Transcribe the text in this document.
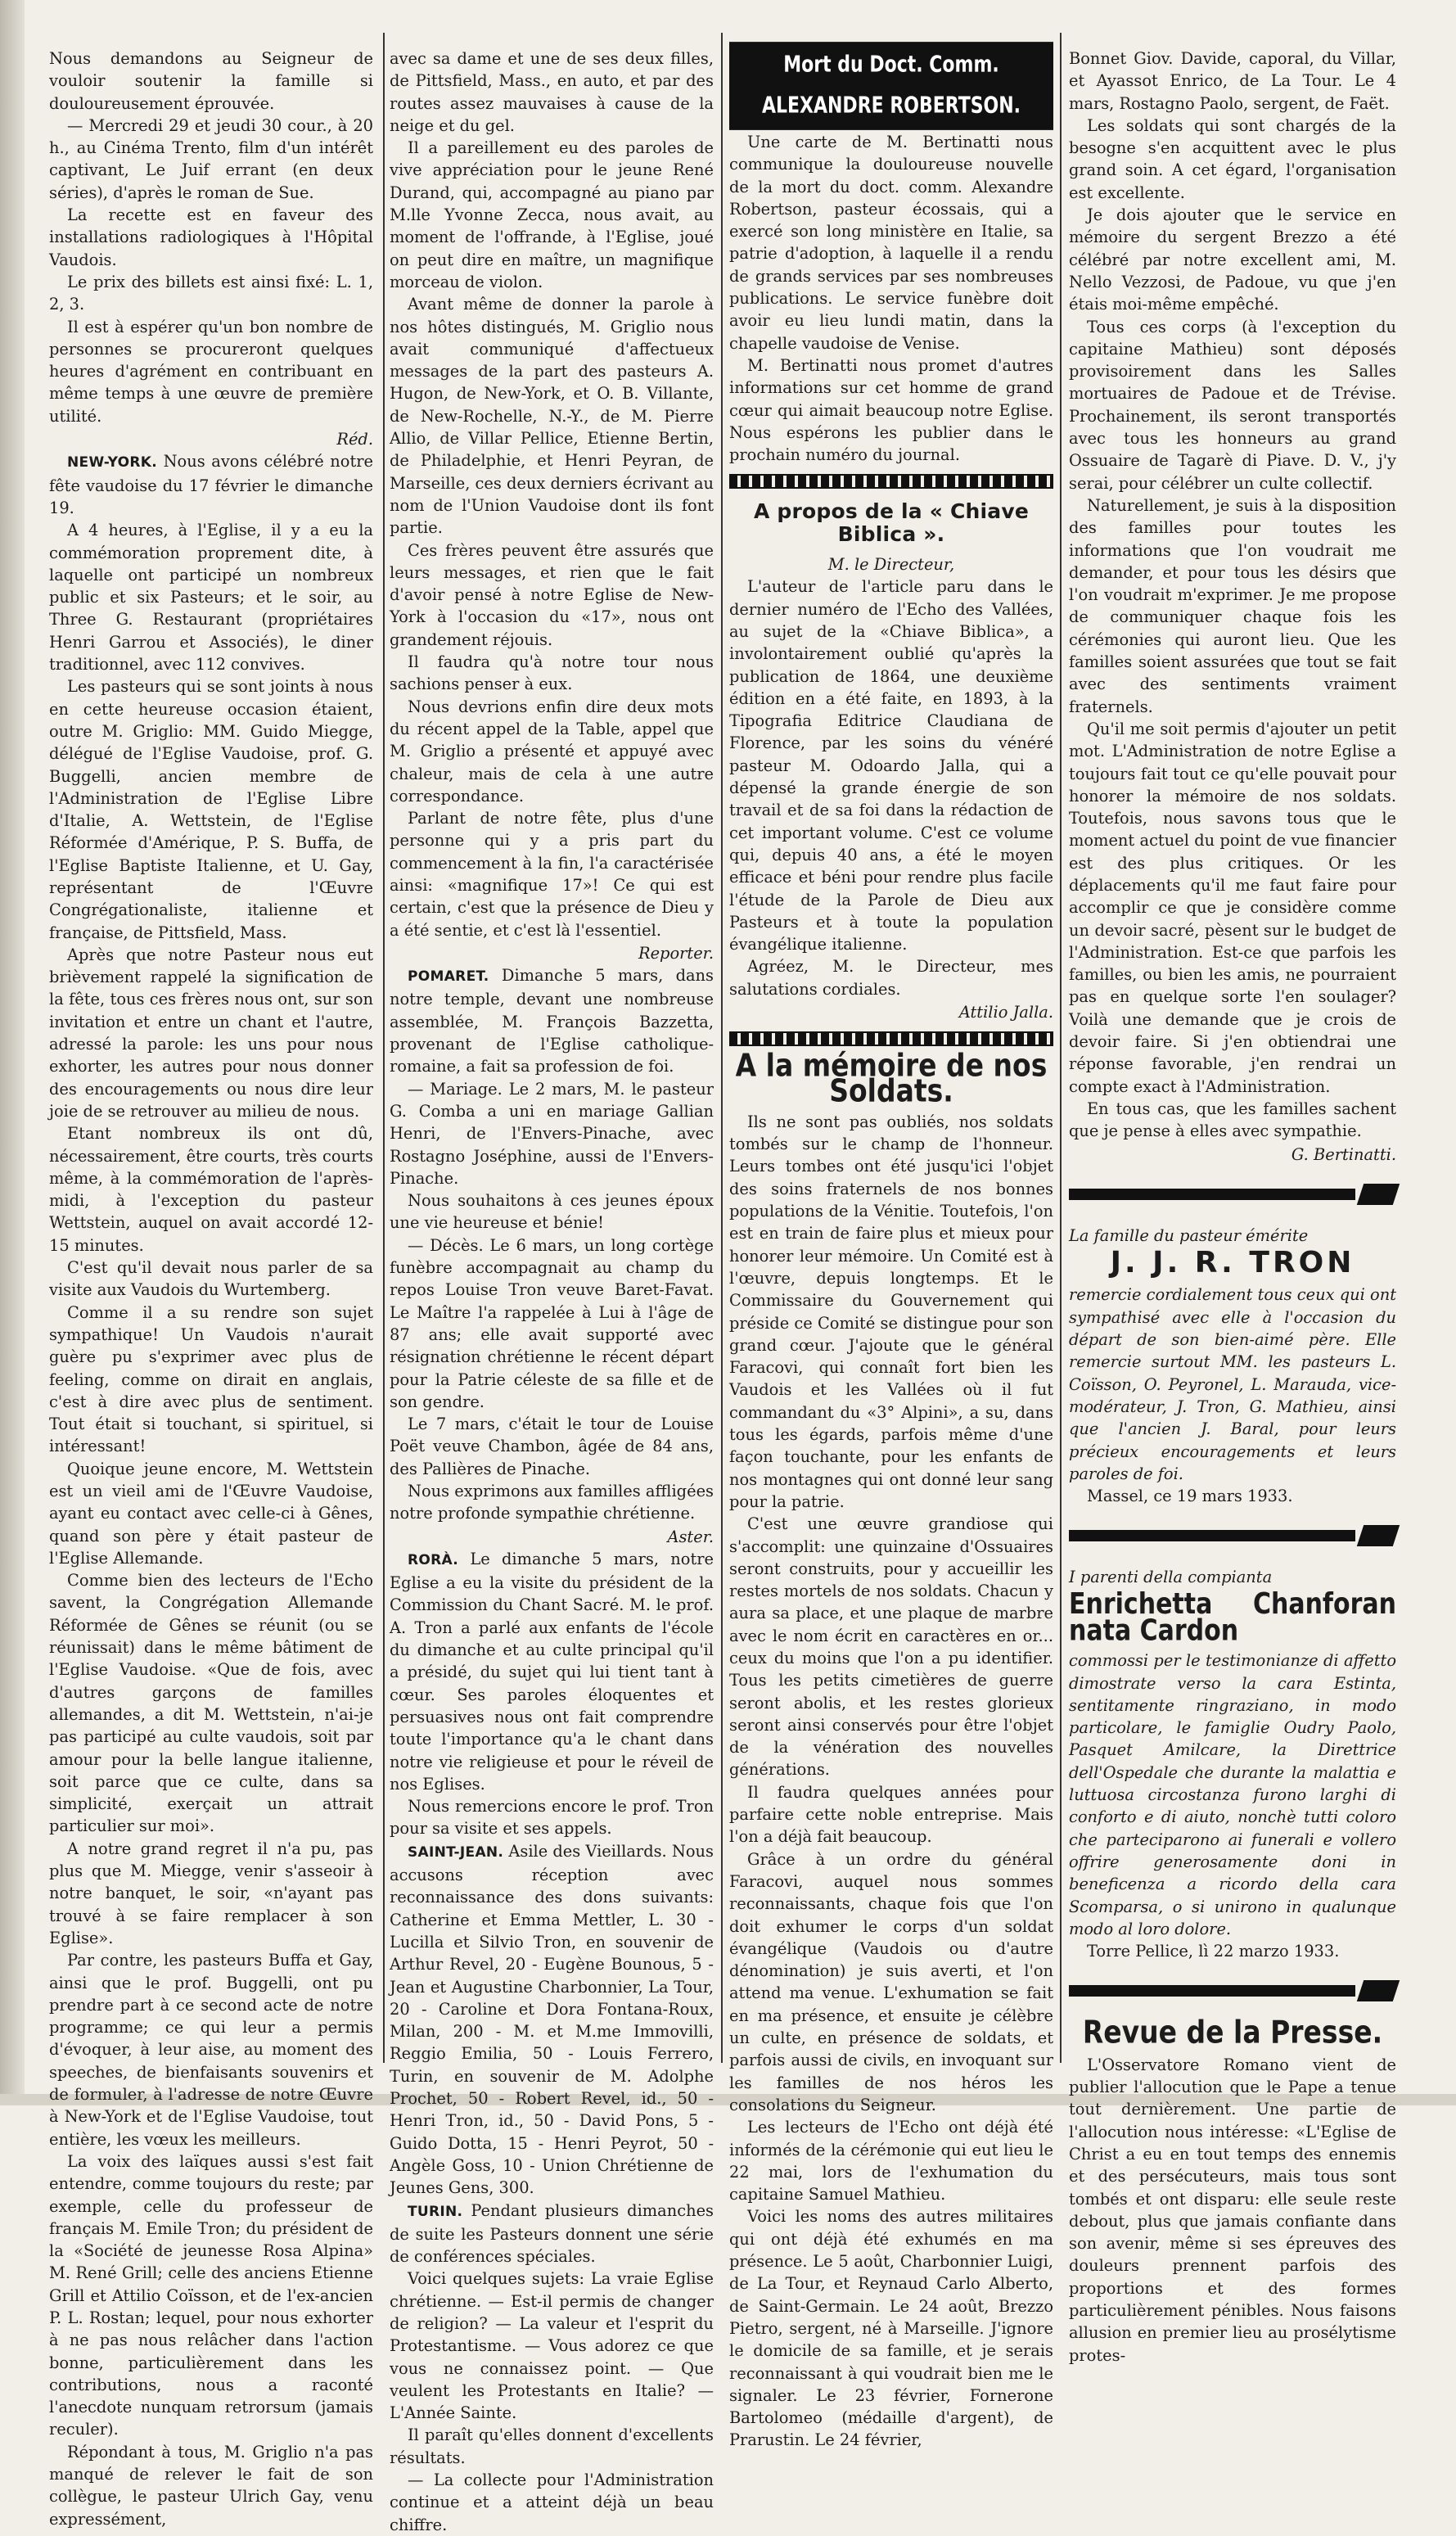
Nous demandons au Seigneur de vouloir soutenir la famille si douloureusement éprouvée.

— Mercredi 29 et jeudi 30 cour., à 20 h., au Cinéma Trento, film d'un intérêt captivant, Le Juif errant (en deux séries), d'après le roman de Sue.

La recette est en faveur des installations radiologiques à l'Hôpital Vaudois.

Le prix des billets est ainsi fixé: L. 1, 2, 3.

Il est à espérer qu'un bon nombre de personnes se procureront quelques heures d'agrément en contribuant en même temps à une œuvre de première utilité.

Réd.

NEW-YORK. Nous avons célébré notre fête vaudoise du 17 février le dimanche 19.

A 4 heures, à l'Eglise, il y a eu la commémoration proprement dite, à laquelle ont participé un nombreux public et six Pasteurs; et le soir, au Three G. Restaurant (propriétaires Henri Garrou et Associés), le diner traditionnel, avec 112 convives.

Les pasteurs qui se sont joints à nous en cette heureuse occasion étaient, outre M. Griglio: MM. Guido Miegge, délégué de l'Eglise Vaudoise, prof. G. Buggelli, ancien membre de l'Administration de l'Eglise Libre d'Italie, A. Wettstein, de l'Eglise Réformée d'Amérique, P. S. Buffa, de l'Eglise Baptiste Italienne, et U. Gay, représentant de l'Œuvre Congrégationaliste, italienne et française, de Pittsfield, Mass.

Après que notre Pasteur nous eut brièvement rappelé la signification de la fête, tous ces frères nous ont, sur son invitation et entre un chant et l'autre, adressé la parole: les uns pour nous exhorter, les autres pour nous donner des encouragements ou nous dire leur joie de se retrouver au milieu de nous.

Etant nombreux ils ont dû, nécessairement, être courts, très courts même, à la commémoration de l'après-midi, à l'exception du pasteur Wettstein, auquel on avait accordé 12-15 minutes.

C'est qu'il devait nous parler de sa visite aux Vaudois du Wurtemberg.

Comme il a su rendre son sujet sympathique! Un Vaudois n'aurait guère pu s'exprimer avec plus de feeling, comme on dirait en anglais, c'est à dire avec plus de sentiment. Tout était si touchant, si spirituel, si intéressant!

Quoique jeune encore, M. Wettstein est un vieil ami de l'Œuvre Vaudoise, ayant eu contact avec celle-ci à Gênes, quand son père y était pasteur de l'Eglise Allemande.

Comme bien des lecteurs de l'Echo savent, la Congrégation Allemande Réformée de Gênes se réunit (ou se réunissait) dans le même bâtiment de l'Eglise Vaudoise. «Que de fois, avec d'autres garçons de familles allemandes, a dit M. Wettstein, n'ai-je pas participé au culte vaudois, soit par amour pour la belle langue italienne, soit parce que ce culte, dans sa simplicité, exerçait un attrait particulier sur moi».

A notre grand regret il n'a pu, pas plus que M. Miegge, venir s'asseoir à notre banquet, le soir, «n'ayant pas trouvé à se faire remplacer à son Eglise».

Par contre, les pasteurs Buffa et Gay, ainsi que le prof. Buggelli, ont pu prendre part à ce second acte de notre programme; ce qui leur a permis d'évoquer, à leur aise, au moment des speeches, de bienfaisants souvenirs et de formuler, à l'adresse de notre Œuvre à New-York et de l'Eglise Vaudoise, tout entière, les vœux les meilleurs.

La voix des laïques aussi s'est fait entendre, comme toujours du reste; par exemple, celle du professeur de français M. Emile Tron; du président de la «Société de jeunesse Rosa Alpina» M. René Grill; celle des anciens Etienne Grill et Attilio Coïsson, et de l'ex-ancien P. L. Rostan; lequel, pour nous exhorter à ne pas nous relâcher dans l'action bonne, particulièrement dans les contributions, nous a raconté l'anecdote nunquam retrorsum (jamais reculer).

Répondant à tous, M. Griglio n'a pas manqué de relever le fait de son collègue, le pasteur Ulrich Gay, venu expressément,

avec sa dame et une de ses deux filles, de Pittsfield, Mass., en auto, et par des routes assez mauvaises à cause de la neige et du gel.

Il a pareillement eu des paroles de vive appréciation pour le jeune René Durand, qui, accompagné au piano par M.lle Yvonne Zecca, nous avait, au moment de l'offrande, à l'Eglise, joué on peut dire en maître, un magnifique morceau de violon.

Avant même de donner la parole à nos hôtes distingués, M. Griglio nous avait communiqué d'affectueux messages de la part des pasteurs A. Hugon, de New-York, et O. B. Villante, de New-Rochelle, N.-Y., de M. Pierre Allio, de Villar Pellice, Etienne Bertin, de Philadelphie, et Henri Peyran, de Marseille, ces deux derniers écrivant au nom de l'Union Vaudoise dont ils font partie.

Ces frères peuvent être assurés que leurs messages, et rien que le fait d'avoir pensé à notre Eglise de New-York à l'occasion du «17», nous ont grandement réjouis.

Il faudra qu'à notre tour nous sachions penser à eux.

Nous devrions enfin dire deux mots du récent appel de la Table, appel que M. Griglio a présenté et appuyé avec chaleur, mais de cela à une autre correspondance.

Parlant de notre fête, plus d'une personne qui y a pris part du commencement à la fin, l'a caractérisée ainsi: «magnifique 17»! Ce qui est certain, c'est que la présence de Dieu y a été sentie, et c'est là l'essentiel.

Reporter.

POMARET. Dimanche 5 mars, dans notre temple, devant une nombreuse assemblée, M. François Bazzetta, provenant de l'Eglise catholique-romaine, a fait sa profession de foi.

— Mariage. Le 2 mars, M. le pasteur G. Comba a uni en mariage Gallian Henri, de l'Envers-Pinache, avec Rostagno Joséphine, aussi de l'Envers-Pinache.

Nous souhaitons à ces jeunes époux une vie heureuse et bénie!

— Décès. Le 6 mars, un long cortège funèbre accompagnait au champ du repos Louise Tron veuve Baret-Favat. Le Maître l'a rappelée à Lui à l'âge de 87 ans; elle avait supporté avec résignation chrétienne le récent départ pour la Patrie céleste de sa fille et de son gendre.

Le 7 mars, c'était le tour de Louise Poët veuve Chambon, âgée de 84 ans, des Pallières de Pinache.

Nous exprimons aux familles affligées notre profonde sympathie chrétienne.

Aster.

RORÀ. Le dimanche 5 mars, notre Eglise a eu la visite du président de la Commission du Chant Sacré. M. le prof. A. Tron a parlé aux enfants de l'école du dimanche et au culte principal qu'il a présidé, du sujet qui lui tient tant à cœur. Ses paroles éloquentes et persuasives nous ont fait comprendre toute l'importance qu'a le chant dans notre vie religieuse et pour le réveil de nos Eglises.

Nous remercions encore le prof. Tron pour sa visite et ses appels.

SAINT-JEAN. Asile des Vieillards. Nous accusons réception avec reconnaissance des dons suivants: Catherine et Emma Mettler, L. 30 - Lucilla et Silvio Tron, en souvenir de Arthur Revel, 20 - Eugène Bounous, 5 - Jean et Augustine Charbonnier, La Tour, 20 - Caroline et Dora Fontana-Roux, Milan, 200 - M. et M.me Immovilli, Reggio Emilia, 50 - Louis Ferrero, Turin, en souvenir de M. Adolphe Prochet, 50 - Robert Revel, id., 50 - Henri Tron, id., 50 - David Pons, 5 - Guido Dotta, 15 - Henri Peyrot, 50 - Angèle Goss, 10 - Union Chrétienne de Jeunes Gens, 300.

TURIN. Pendant plusieurs dimanches de suite les Pasteurs donnent une série de conférences spéciales.

Voici quelques sujets: La vraie Eglise chrétienne. — Est-il permis de changer de religion? — La valeur et l'esprit du Protestantisme. — Vous adorez ce que vous ne connaissez point. — Que veulent les Protestants en Italie? — L'Année Sainte.

Il paraît qu'elles donnent d'excellents résultats.

— La collecte pour l'Administration continue et a atteint déjà un beau chiffre.

Mort du Doct. Comm. ALEXANDRE ROBERTSON.

Une carte de M. Bertinatti nous communique la douloureuse nouvelle de la mort du doct. comm. Alexandre Robertson, pasteur écossais, qui a exercé son long ministère en Italie, sa patrie d'adoption, à laquelle il a rendu de grands services par ses nombreuses publications. Le service funèbre doit avoir eu lieu lundi matin, dans la chapelle vaudoise de Venise.

M. Bertinatti nous promet d'autres informations sur cet homme de grand cœur qui aimait beaucoup notre Eglise. Nous espérons les publier dans le prochain numéro du journal.

A propos de la « Chiave Biblica ».
M. le Directeur,

L'auteur de l'article paru dans le dernier numéro de l'Echo des Vallées, au sujet de la «Chiave Biblica», a involontairement oublié qu'après la publication de 1864, une deuxième édition en a été faite, en 1893, à la Tipografia Editrice Claudiana de Florence, par les soins du vénéré pasteur M. Odoardo Jalla, qui a dépensé la grande énergie de son travail et de sa foi dans la rédaction de cet important volume. C'est ce volume qui, depuis 40 ans, a été le moyen efficace et béni pour rendre plus facile l'étude de la Parole de Dieu aux Pasteurs et à toute la population évangélique italienne.

Agréez, M. le Directeur, mes salutations cordiales.

Attilio Jalla.
A la mémoire de nos Soldats.

Ils ne sont pas oubliés, nos soldats tombés sur le champ de l'honneur. Leurs tombes ont été jusqu'ici l'objet des soins fraternels de nos bonnes populations de la Vénitie. Toutefois, l'on est en train de faire plus et mieux pour honorer leur mémoire. Un Comité est à l'œuvre, depuis longtemps. Et le Commissaire du Gouvernement qui préside ce Comité se distingue pour son grand cœur. J'ajoute que le général Faracovi, qui connaît fort bien les Vaudois et les Vallées où il fut commandant du «3° Alpini», a su, dans tous les égards, parfois même d'une façon touchante, pour les enfants de nos montagnes qui ont donné leur sang pour la patrie.

C'est une œuvre grandiose qui s'accomplit: une quinzaine d'Ossuaires seront construits, pour y accueillir les restes mortels de nos soldats. Chacun y aura sa place, et une plaque de marbre avec le nom écrit en caractères en or... ceux du moins que l'on a pu identifier. Tous les petits cimetières de guerre seront abolis, et les restes glorieux seront ainsi conservés pour être l'objet de la vénération des nouvelles générations.

Il faudra quelques années pour parfaire cette noble entreprise. Mais l'on a déjà fait beaucoup.

Grâce à un ordre du général Faracovi, auquel nous sommes reconnaissants, chaque fois que l'on doit exhumer le corps d'un soldat évangélique (Vaudois ou d'autre dénomination) je suis averti, et l'on attend ma venue. L'exhumation se fait en ma présence, et ensuite je célèbre un culte, en présence de soldats, et parfois aussi de civils, en invoquant sur les familles de nos héros les consolations du Seigneur.

Les lecteurs de l'Echo ont déjà été informés de la cérémonie qui eut lieu le 22 mai, lors de l'exhumation du capitaine Samuel Mathieu.

Voici les noms des autres militaires qui ont déjà été exhumés en ma présence. Le 5 août, Charbonnier Luigi, de La Tour, et Reynaud Carlo Alberto, de Saint-Germain. Le 24 août, Brezzo Pietro, sergent, né à Marseille. J'ignore le domicile de sa famille, et je serais reconnaissant à qui voudrait bien me le signaler. Le 23 février, Fornerone Bartolomeo (médaille d'argent), de Prarustin. Le 24 février,

Bonnet Giov. Davide, caporal, du Villar, et Ayassot Enrico, de La Tour. Le 4 mars, Rostagno Paolo, sergent, de Faët.

Les soldats qui sont chargés de la besogne s'en acquittent avec le plus grand soin. A cet égard, l'organisation est excellente.

Je dois ajouter que le service en mémoire du sergent Brezzo a été célébré par notre excellent ami, M. Nello Vezzosi, de Padoue, vu que j'en étais moi-même empêché.

Tous ces corps (à l'exception du capitaine Mathieu) sont déposés provisoirement dans les Salles mortuaires de Padoue et de Trévise. Prochainement, ils seront transportés avec tous les honneurs au grand Ossuaire de Tagarè di Piave. D. V., j'y serai, pour célébrer un culte collectif.

Naturellement, je suis à la disposition des familles pour toutes les informations que l'on voudrait me demander, et pour tous les désirs que l'on voudrait m'exprimer. Je me propose de communiquer chaque fois les cérémonies qui auront lieu. Que les familles soient assurées que tout se fait avec des sentiments vraiment fraternels.

Qu'il me soit permis d'ajouter un petit mot. L'Administration de notre Eglise a toujours fait tout ce qu'elle pouvait pour honorer la mémoire de nos soldats. Toutefois, nous savons tous que le moment actuel du point de vue financier est des plus critiques. Or les déplacements qu'il me faut faire pour accomplir ce que je considère comme un devoir sacré, pèsent sur le budget de l'Administration. Est-ce que parfois les familles, ou bien les amis, ne pourraient pas en quelque sorte l'en soulager? Voilà une demande que je crois de devoir faire. Si j'en obtiendrai une réponse favorable, j'en rendrai un compte exact à l'Administration.

En tous cas, que les familles sachent que je pense à elles avec sympathie.

G. Bertinatti.
La famille du pasteur émérite
J. J. R. TRON

remercie cordialement tous ceux qui ont sympathisé avec elle à l'occasion du départ de son bien-aimé père. Elle remercie surtout MM. les pasteurs L. Coïsson, O. Peyronel, L. Marauda, vice-modérateur, J. Tron, G. Mathieu, ainsi que l'ancien J. Baral, pour leurs précieux encouragements et leurs paroles de foi.

Massel, ce 19 mars 1933.

I parenti della compianta
Enrichetta Chanforan nata Cardon

commossi per le testimonianze di affetto dimostrate verso la cara Estinta, sentitamente ringraziano, in modo particolare, le famiglie Oudry Paolo, Pasquet Amilcare, la Direttrice dell'Ospedale che durante la malattia e luttuosa circostanza furono larghi di conforto e di aiuto, nonchè tutti coloro che parteciparono ai funerali e vollero offrire generosamente doni in beneficenza a ricordo della cara Scomparsa, o si unirono in qualunque modo al loro dolore.

Torre Pellice, lì 22 marzo 1933.

Revue de la Presse.

L'Osservatore Romano vient de publier l'allocution que le Pape a tenue tout dernièrement. Une partie de l'allocution nous intéresse: «L'Eglise de Christ a eu en tout temps des ennemis et des persécuteurs, mais tous sont tombés et ont disparu: elle seule reste debout, plus que jamais confiante dans son avenir, même si ses épreuves des douleurs prennent parfois des proportions et des formes particulièrement pénibles. Nous faisons allusion en premier lieu au prosélytisme protes-
